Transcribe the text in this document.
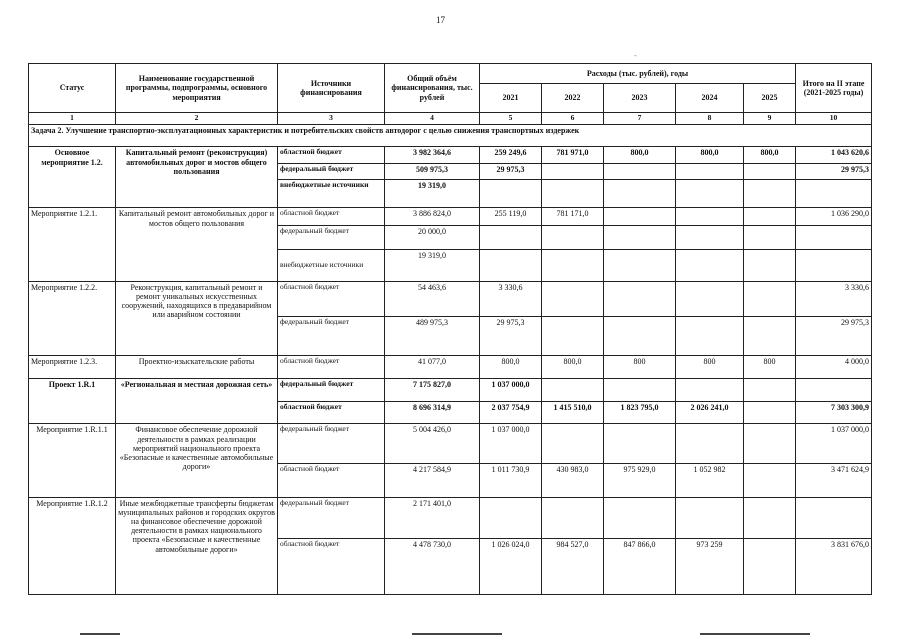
17
-
Статус	Наименование государственной программы, подпрограммы, основного мероприятия	Источники финансирования	Общий объём финансирования, тыс. рублей	Расходы (тыс. рублей), годы					Итого на II этапе (2021-2025 годы)
				2021	2022	2023	2024	2025	
1	2	3	4	5	6	7	8	9	10
Задача 2. Улучшение транспортно-эксплуатационных характеристик и потребительских свойств автодорог с целью снижения транспортных издержек									
Основное мероприятие 1.2.	Капитальный ремонт (реконструкция) автомобильных дорог и мостов общего пользования	областной бюджет	3 982 364,6	259 249,6	781 971,0	800,0	800,0	800,0	1 043 620,6
		федеральный бюджет	509 975,3	29 975,3					29 975,3
		внебюджетные источники	19 319,0						
Мероприятие 1.2.1.	Капитальный ремонт автомобильных дорог и мостов общего пользования	областной бюджет	3 886 824,0	255 119,0	781 171,0				1 036 290,0
		федеральный бюджет	20 000,0						
		внебюджетные источники	19 319,0						
Мероприятие 1.2.2.	Реконструкция, капитальный ремонт и ремонт уникальных искусственных сооружений, находящихся в предаварийном или аварийном состоянии	областной бюджет	54 463,6	3 330,6					3 330,6
		федеральный бюджет	489 975,3	29 975,3					29 975,3
Мероприятие 1.2.3.	Проектно-изыскательские работы	областной бюджет	41 077,0	800,0	800,0	800	800	800	4 000,0
Проект 1.R.1	«Региональная и местная дорожная сеть»	федеральный бюджет	7 175 827,0	1 037 000,0					
		областной бюджет	8 696 314,9	2 037 754,9	1 415 510,0	1 823 795,0	2 026 241,0		7 303 300,9
Мероприятие 1.R.1.1	Финансовое обеспечение дорожной деятельности в рамках реализации мероприятий национального проекта «Безопасные и качественные автомобильные дороги»	федеральный бюджет	5 004 426,0	1 037 000,0					1 037 000,0
		областной бюджет	4 217 584,9	1 011 730,9	430 983,0	975 929,0	1 052 982		3 471 624,9
Мероприятие 1.R.1.2	Иные межбюджетные трансферты бюджетам муниципальных районов и городских округов на финансовое обеспечение дорожной деятельности в рамках национального проекта «Безопасные и качественные автомобильные дороги»	федеральный бюджет	2 171 401,0						
		областной бюджет	4 478 730,0	1 026 024,0	984 527,0	847 866,0	973 259		3 831 676,0
